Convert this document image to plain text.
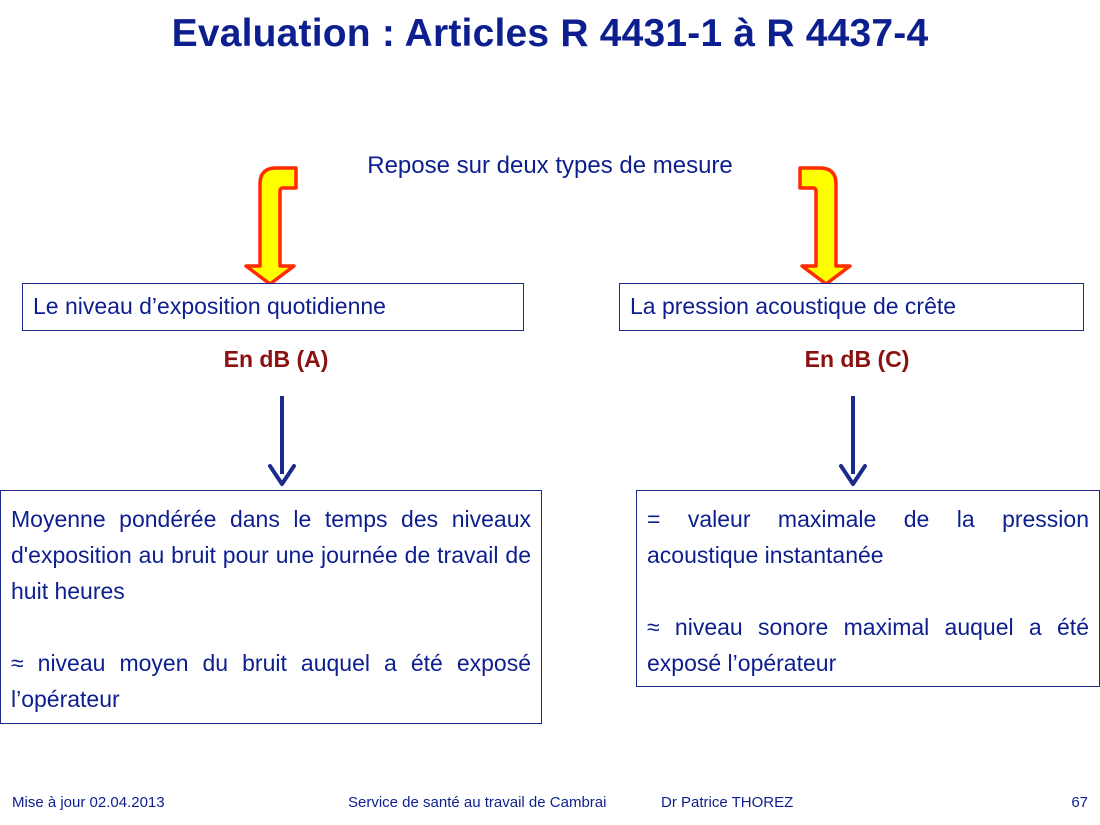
Evaluation : Articles R 4431-1 à R 4437-4
Repose sur deux types de mesure
Le niveau d’exposition quotidienne	La pression acoustique de crête
En dB (A)	En dB (C)

Moyenne pondérée dans le temps des niveaux d'exposition au bruit pour une journée de travail de huit heures

≈ niveau moyen du bruit auquel a été exposé l’opérateur

= valeur maximale de la pression acoustique instantanée

≈ niveau sonore maximal auquel a été exposé l’opérateur

Mise à jour 02.04.2013	Service de santé au travail de Cambrai	Dr Patrice THOREZ	67
